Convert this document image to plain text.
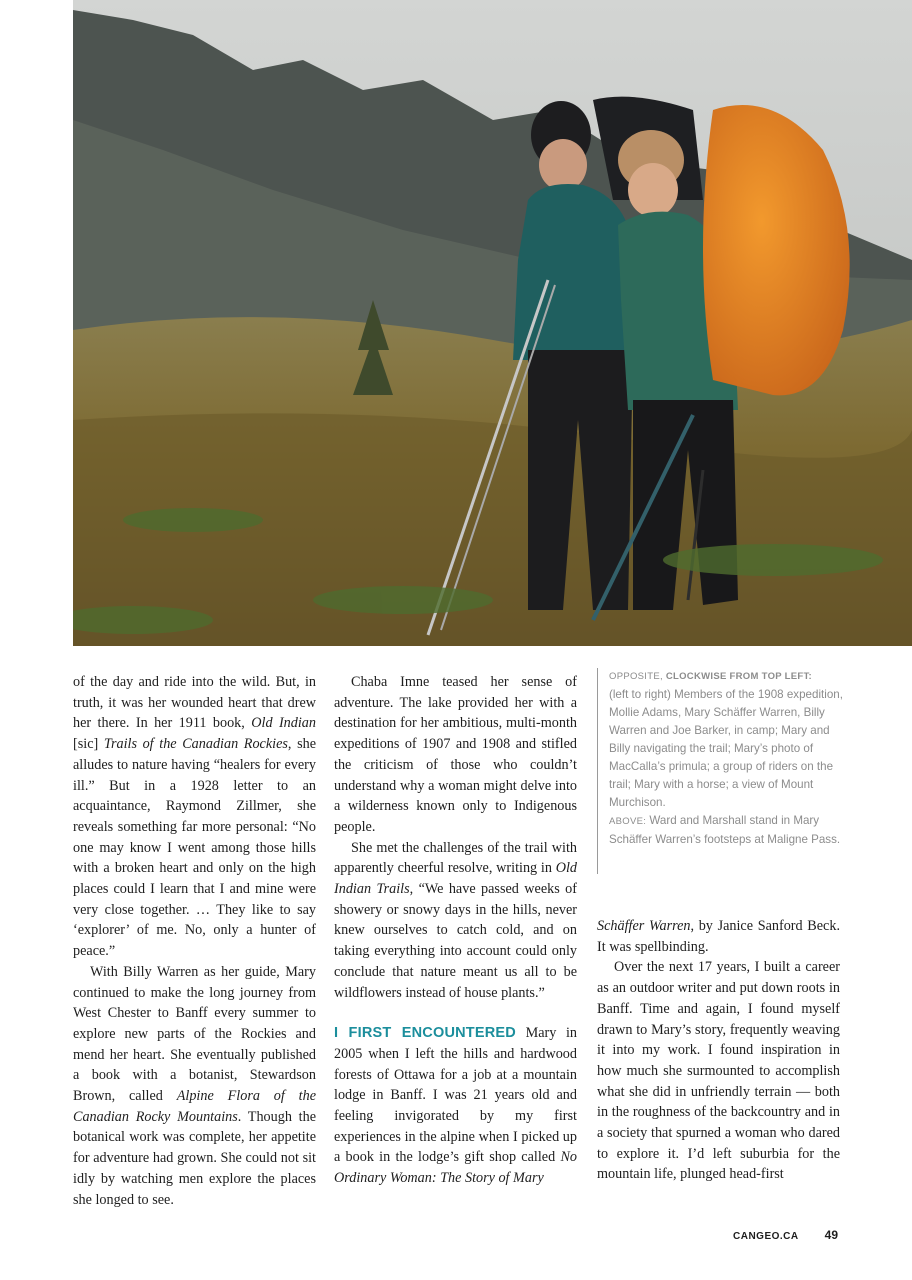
of the day and ride into the wild. But, in truth, it was her wounded heart that drew her there. In her 1911 book, Old Indian [sic] Trails of the Canadian Rockies, she alludes to nature having “healers for every ill.” But in a 1928 letter to an acquaintance, Raymond Zillmer, she reveals something far more personal: “No one may know I went among those hills with a broken heart and only on the high places could I learn that I and mine were very close together. … They like to say ‘explorer’ of me. No, only a hunter of peace.”

With Billy Warren as her guide, Mary continued to make the long journey from West Chester to Banff every summer to explore new parts of the Rockies and mend her heart. She eventually published a book with a botanist, Stewardson Brown, called Alpine Flora of the Canadian Rocky Mountains. Though the botanical work was complete, her appetite for adventure had grown. She could not sit idly by watching men explore the places she longed to see.

Chaba Imne teased her sense of adventure. The lake provided her with a destination for her ambitious, multi-month expeditions of 1907 and 1908 and stifled the criticism of those who couldn’t understand why a woman might delve into a wilderness known only to Indigenous people.

She met the challenges of the trail with apparently cheerful resolve, writing in Old Indian Trails, “We have passed weeks of showery or snowy days in the hills, never knew ourselves to catch cold, and on taking everything into account could only conclude that nature meant us all to be wildflowers instead of house plants.”

I FIRST ENCOUNTERED Mary in 2005 when I left the hills and hardwood forests of Ottawa for a job at a mountain lodge in Banff. I was 21 years old and feeling invigorated by my first experiences in the alpine when I picked up a book in the lodge’s gift shop called No Ordinary Woman: The Story of Mary

OPPOSITE, CLOCKWISE FROM TOP LEFT:
(left to right) Members of the 1908 expedition, Mollie Adams, Mary Schäffer Warren, Billy Warren and Joe Barker, in camp; Mary and Billy navigating the trail; Mary’s photo of MacCalla’s primula; a group of riders on the trail; Mary with a horse; a view of Mount Murchison.
ABOVE: Ward and Marshall stand in Mary Schäffer Warren’s footsteps at Maligne Pass.

Schäffer Warren, by Janice Sanford Beck. It was spellbinding.

Over the next 17 years, I built a career as an outdoor writer and put down roots in Banff. Time and again, I found myself drawn to Mary’s story, frequently weaving it into my work. I found inspiration in how much she surmounted to accomplish what she did in unfriendly terrain — both in the roughness of the backcountry and in a society that spurned a woman who dared to explore it. I’d left suburbia for the mountain life, plunged head-first

CANGEO.CA 49
